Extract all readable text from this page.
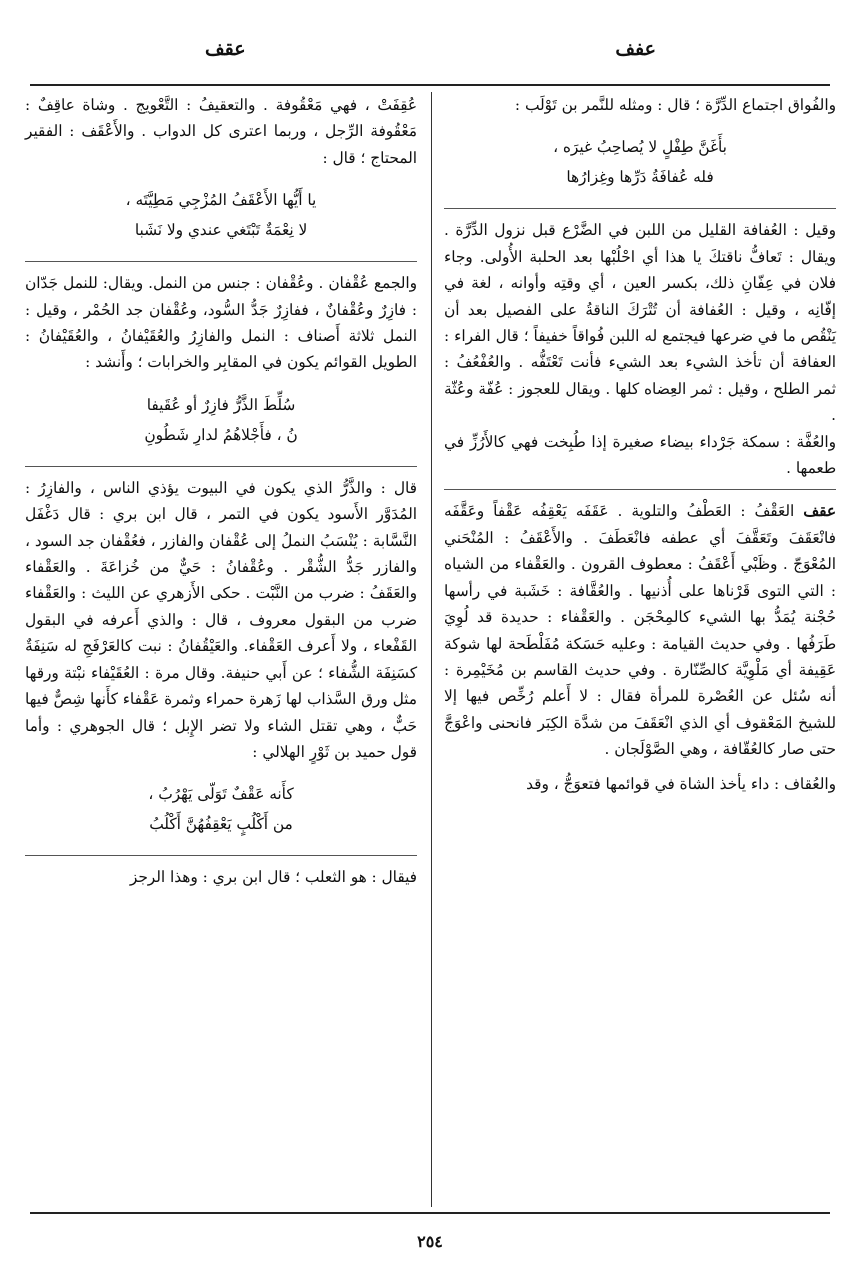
عفف
عقف

والفُواق اجتماع الدِّرَّة ؛ قال : ومثله للنَّمر بن تَوْلَب :

بأَغَنَّ طِفْلٍ لا يُصاحِبُ غيرَه ،
فله عُفافَةُ دَرِّها وغِزارُها

وقيل : العُفافة القليل من اللبن في الضَّرْع قبل نزول الدِّرَّة . ويقال : تَعافُّ ناقتكَ يا هذا أي احْلُبْها بعد الحلبة الأُولى. وجاء فلان في عِفّانِ ذلك، بكسر العين ، أي وقتِه وأوانه ، لغة في إفّانِه ، وقيل : العُفافة أن تُتْرَكَ الناقةُ على الفصيل بعد أن يَنْقُص ما في ضرعها فيجتمع له اللبن فُواقاً خفيفاً ؛ قال الفراء : العفافة أن تأخذ الشيء بعد الشيء فأنت تَعْتَفُّه . والعُفْعُفُ : ثمر الطلح ، وقيل : ثمر العِضاه كلها . ويقال للعجوز : عُفّة وعُثّة .

والعُفَّة : سمكة جَرْداء بيضاء صغيرة إذا طُبِخت فهي كالأَرُزِّ في طعمها .

عقف العَقْفُ : العَطْفُ والتلوية . عَقَفَه يَعْقِفُه عَقْفاً وعَقَّفَه فانْعَقَفَ وتَعَقَّفَ أي عطفه فانْعَطَفَ . والأَعْقَفُ : المُنْحَني المُعْوَجّ . وظَبْي أَعْقَفُ : معطوف القرون . والعَقْفاء من الشياه : التي التوى قَرْناها على أُذنيها . والعُقَّافة : خَشَبة في رأسها حُجْنة يُمَدُّ بها الشيء كالمِحْجَن . والعَقْفاء : حديدة قد لُوِيَ طَرَفُها . وفي حديث القيامة : وعليه حَسَكة مُفَلْطَحة لها شوكة عَقِيفة أي مَلْوِيَّة كالصِّنّارة . وفي حديث القاسم بن مُخَيْمِرة : أنه سُئل عن العُصْرة للمرأة فقال : لا أَعلم رُخِّص فيها إلا للشيخ المَعْقوف أي الذي انْعَقَفَ من شدَّة الكِبَر فانحنى واعْوَجَّ حتى صار كالعُقّافة ، وهي الصَّوْلَجان .

والعُقاف : داء يأخذ الشاة في قوائمها فتعوَجُّ ، وقد

عُقِفَتْ ، فهي مَعْقُوفة . والتعقيفُ : التَّعْويج . وشاة عاقِفٌ : مَعْقُوفة الرِّجل ، وربما اعترى كل الدواب . والأَعْقَف : الفقير المحتاج ؛ قال :

يا أَيُّها الأَعْقَفُ المُزْجِي مَطِيَّتَه ،
لا نِعْمَةٌ تَبْتَغي عندي ولا نَشَبا

والجمع عُقْفان . وعُقْفان : جنس من النمل. ويقال: للنمل جَدّان : فازِرٌ وعُقْفانٌ ، ففازِرٌ جَدُّ السُّود، وعُقْفان جد الحُمْر ، وقيل : النمل ثلاثة أَصناف : النمل والفازِرُ والعُقَيْفانُ ، والعُقَيْفانُ : الطويل القوائم يكون في المقابِر والخرابات ؛ وأَنشد :

سُلِّطَ الذَّرُّ فازِرٌ أو عُقَيفا
نُ ، فأَجْلاهُمُ لدارِ شَطُونِ

قال : والذَّرُّ الذي يكون في البيوت يؤذي الناس ، والفازِرُ : المُدَوَّر الأَسود يكون في التمر ، قال ابن بري : قال دَغْفَل النَّسَّابة : يُنْسَبُ النملُ إلى عُقْفان والفازر ، فعُقْفان جد السود ، والفازر جَدُّ الشُّقْر . وعُقْفانُ : حَيٌّ من خُزاعَةَ . والعَقْفاء والعَقَفُ : ضرب من النَّبْت . حكى الأَزهري عن الليث : والعَقْفاء ضرب من البقول معروف ، قال : والذي أَعرفه في البقول القَفْعاء ، ولا أَعرف العَقْفاء. والعَيْقُفانُ : نبت كالعَرْفَجِ له سَنِفَةٌ كسَنِفَة الشُّفاء ؛ عن أَبي حنيفة. وقال مرة : العُقَيْفاء نبْتة ورقها مثل ورق السَّذاب لها زَهرة حمراء وثمرة عَقْفاء كأَنها شِصٌّ فيها حَبٌّ ، وهي تقتل الشاء ولا تضر الإِبل ؛ قال الجوهري : وأما قول حميد بن ثَوْرٍ الهلالي :

كأَنه عَقْفٌ تَوَلّى يَهْرُبُ ،
من أَكْلُبٍ يَعْقِفُهُنَّ أَكْلُبُ

فيقال : هو الثعلب ؛ قال ابن بري : وهذا الرجز

٢٥٤
